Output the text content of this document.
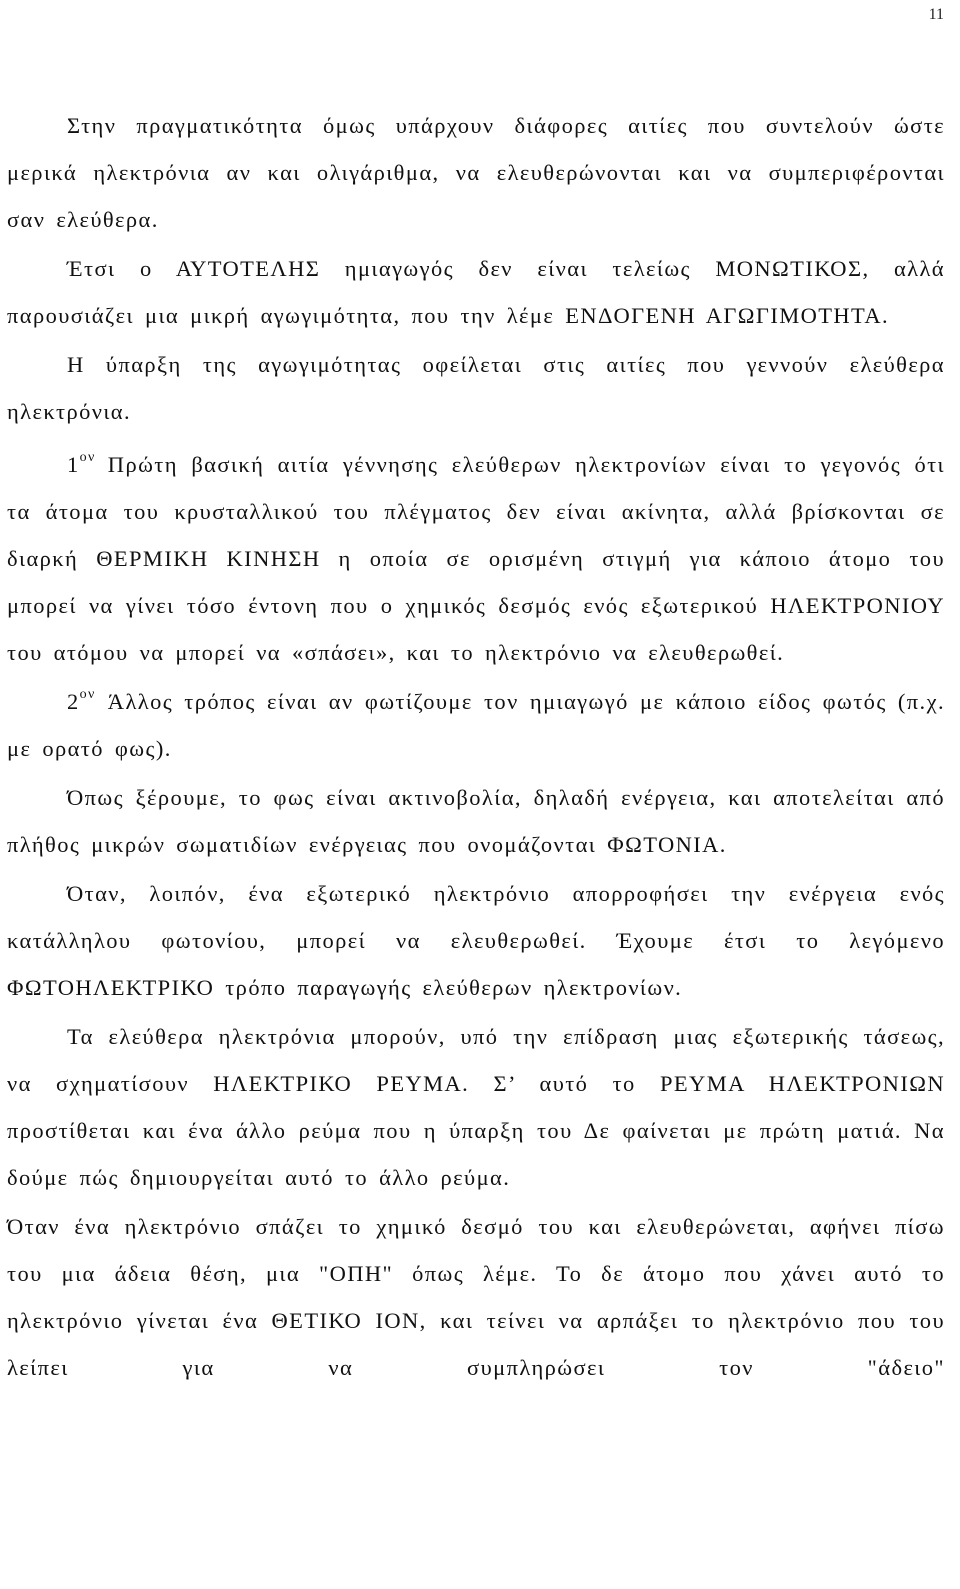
11

Στην πραγματικότητα όμως υπάρχουν διάφορες αιτίες που συντελούν ώστε μερικά ηλεκτρόνια αν και ολιγάριθμα, να ελευθερώνονται και να συμπεριφέρονται σαν ελεύθερα.

Έτσι ο ΑΥΤΟΤΕΛΗΣ ημιαγωγός δεν είναι τελείως ΜΟΝΩΤΙΚΟΣ, αλλά παρουσιάζει μια μικρή αγωγιμότητα, που την λέμε ΕΝΔΟΓΕΝΗ ΑΓΩΓΙΜΟΤΗΤΑ.

Η ύπαρξη της αγωγιμότητας οφείλεται στις αιτίες που γεννούν ελεύθερα ηλεκτρόνια.

$1^{o\nu}$ Πρώτη βασική αιτία γέννησης ελεύθερων ηλεκτρονίων είναι το γεγονός ότι τα άτομα του κρυσταλλικού του πλέγματος δεν είναι ακίνητα, αλλά βρίσκονται σε διαρκή ΘΕΡΜΙΚΗ ΚΙΝΗΣΗ η οποία σε ορισμένη στιγμή για κάποιο άτομο του μπορεί να γίνει τόσο έντονη που ο χημικός δεσμός ενός εξωτερικού ΗΛΕΚΤΡΟΝΙΟΥ του ατόμου να μπορεί να «σπάσει», και το ηλεκτρόνιο να ελευθερωθεί.

$2^{o\nu}$ Άλλος τρόπος είναι αν φωτίζουμε τον ημιαγωγό με κάποιο είδος φωτός (π.χ. με ορατό φως).

Όπως ξέρουμε, το φως είναι ακτινοβολία, δηλαδή ενέργεια, και αποτελείται από πλήθος μικρών σωματιδίων ενέργειας που ονομάζονται ΦΩΤΟΝΙΑ.

Όταν, λοιπόν, ένα εξωτερικό ηλεκτρόνιο απορροφήσει την ενέργεια ενός κατάλληλου φωτονίου, μπορεί να ελευθερωθεί. Έχουμε έτσι το λεγόμενο ΦΩΤΟΗΛΕΚΤΡΙΚΟ τρόπο παραγωγής ελεύθερων ηλεκτρονίων.

Τα ελεύθερα ηλεκτρόνια μπορούν, υπό την επίδραση μιας εξωτερικής τάσεως, να σχηματίσουν ΗΛΕΚΤΡΙΚΟ ΡΕΥΜΑ. Σ’ αυτό το ΡΕΥΜΑ ΗΛΕΚΤΡΟΝΙΩΝ προστίθεται και ένα άλλο ρεύμα που η ύπαρξη του Δε φαίνεται με πρώτη ματιά. Να δούμε πώς δημιουργείται αυτό το άλλο ρεύμα.

Όταν ένα ηλεκτρόνιο σπάζει το χημικό δεσμό του και ελευθερώνεται, αφήνει πίσω του μια άδεια θέση, μια "ΟΠΗ" όπως λέμε. Το δε άτομο που χάνει αυτό το ηλεκτρόνιο γίνεται ένα ΘΕΤΙΚΟ ΙΟΝ, και τείνει να αρπάξει το ηλεκτρόνιο που του λείπει για να συμπληρώσει τον "άδειο"
